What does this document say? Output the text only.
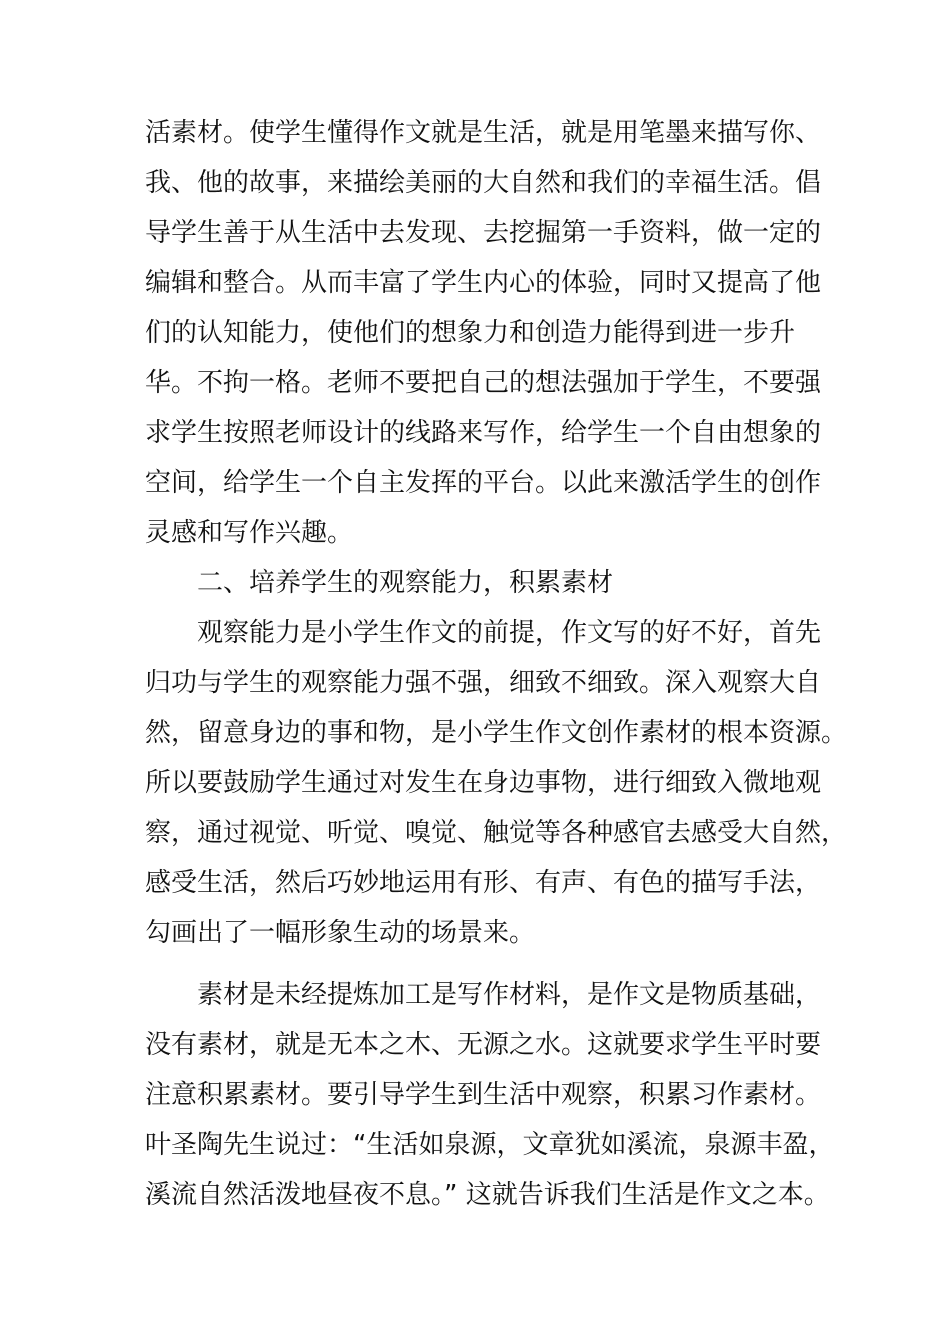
活素材。使学生懂得作文就是生活，就是用笔墨来描写你、
我、他的故事，来描绘美丽的大自然和我们的幸福生活。倡
导学生善于从生活中去发现、去挖掘第一手资料，做一定的
编辑和整合。从而丰富了学生内心的体验，同时又提高了他
们的认知能力，使他们的想象力和创造力能得到进一步升
华。不拘一格。老师不要把自己的想法强加于学生，不要强
求学生按照老师设计的线路来写作，给学生一个自由想象的
空间，给学生一个自主发挥的平台。以此来激活学生的创作
灵感和写作兴趣。
　　二、培养学生的观察能力，积累素材
　　观察能力是小学生作文的前提，作文写的好不好，首先
归功与学生的观察能力强不强，细致不细致。深入观察大自
然，留意身边的事和物，是小学生作文创作素材的根本资源。
所以要鼓励学生通过对发生在身边事物，进行细致入微地观
察，通过视觉、听觉、嗅觉、触觉等各种感官去感受大自然，
感受生活，然后巧妙地运用有形、有声、有色的描写手法，
勾画出了一幅形象生动的场景来。
　　素材是未经提炼加工是写作材料，是作文是物质基础，
没有素材，就是无本之木、无源之水。这就要求学生平时要
注意积累素材。要引导学生到生活中观察，积累习作素材。
叶圣陶先生说过：“生活如泉源，文章犹如溪流，泉源丰盈，
溪流自然活泼地昼夜不息。” 这就告诉我们生活是作文之本。
